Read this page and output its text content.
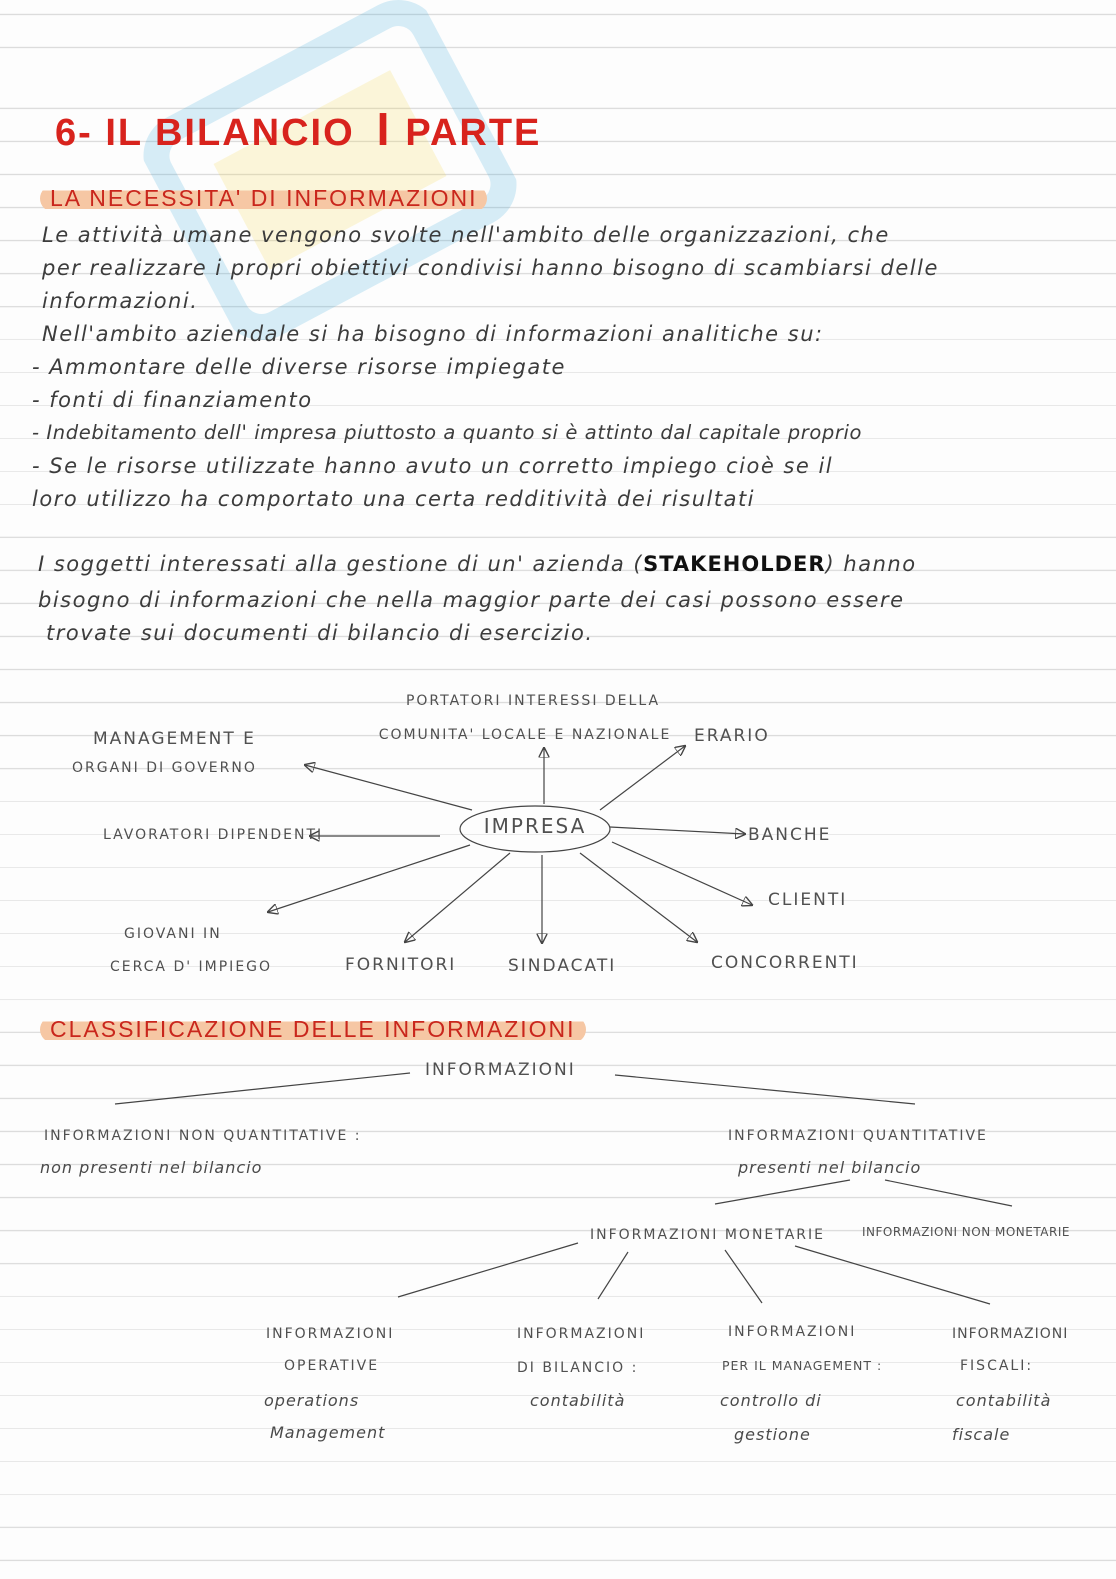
6- IL BILANCIO I PARTE
LA NECESSITA' DI INFORMAZIONI
Le attività umane vengono svolte nell'ambito delle organizzazioni, che
per realizzare i propri obiettivi condivisi hanno bisogno di scambiarsi delle
informazioni.
Nell'ambito aziendale si ha bisogno di informazioni analitiche su:
- Ammontare delle diverse risorse impiegate
- fonti di finanziamento
- Indebitamento dell' impresa piuttosto a quanto si è attinto dal capitale proprio
- Se le risorse utilizzate hanno avuto un corretto impiego cioè se il
loro utilizzo ha comportato una certa redditività dei risultati
I soggetti interessati alla gestione di un' azienda (STAKEHOLDER) hanno
bisogno di informazioni che nella maggior parte dei casi possono essere
trovate sui documenti di bilancio di esercizio.
IMPRESA
PORTATORI INTERESSI DELLA
COMUNITA' LOCALE E NAZIONALE ERARIO
MANAGEMENT E
ORGANI DI GOVERNO
LAVORATORI DIPENDENTI	BANCHE
CLIENTI
GIOVANI IN
CERCA D' IMPIEGO	FORNITORI	SINDACATI	CONCORRENTI
CLASSIFICAZIONE DELLE INFORMAZIONI
INFORMAZIONI
INFORMAZIONI NON QUANTITATIVE :
non presenti nel bilancio
INFORMAZIONI QUANTITATIVE
presenti nel bilancio
INFORMAZIONI MONETARIE	INFORMAZIONI NON MONETARIE
INFORMAZIONI
OPERATIVE
operations
Management
INFORMAZIONI
DI BILANCIO :
contabilità
INFORMAZIONI
PER IL MANAGEMENT :
controllo di
gestione
INFORMAZIONI
FISCALI:
contabilità
fiscale
